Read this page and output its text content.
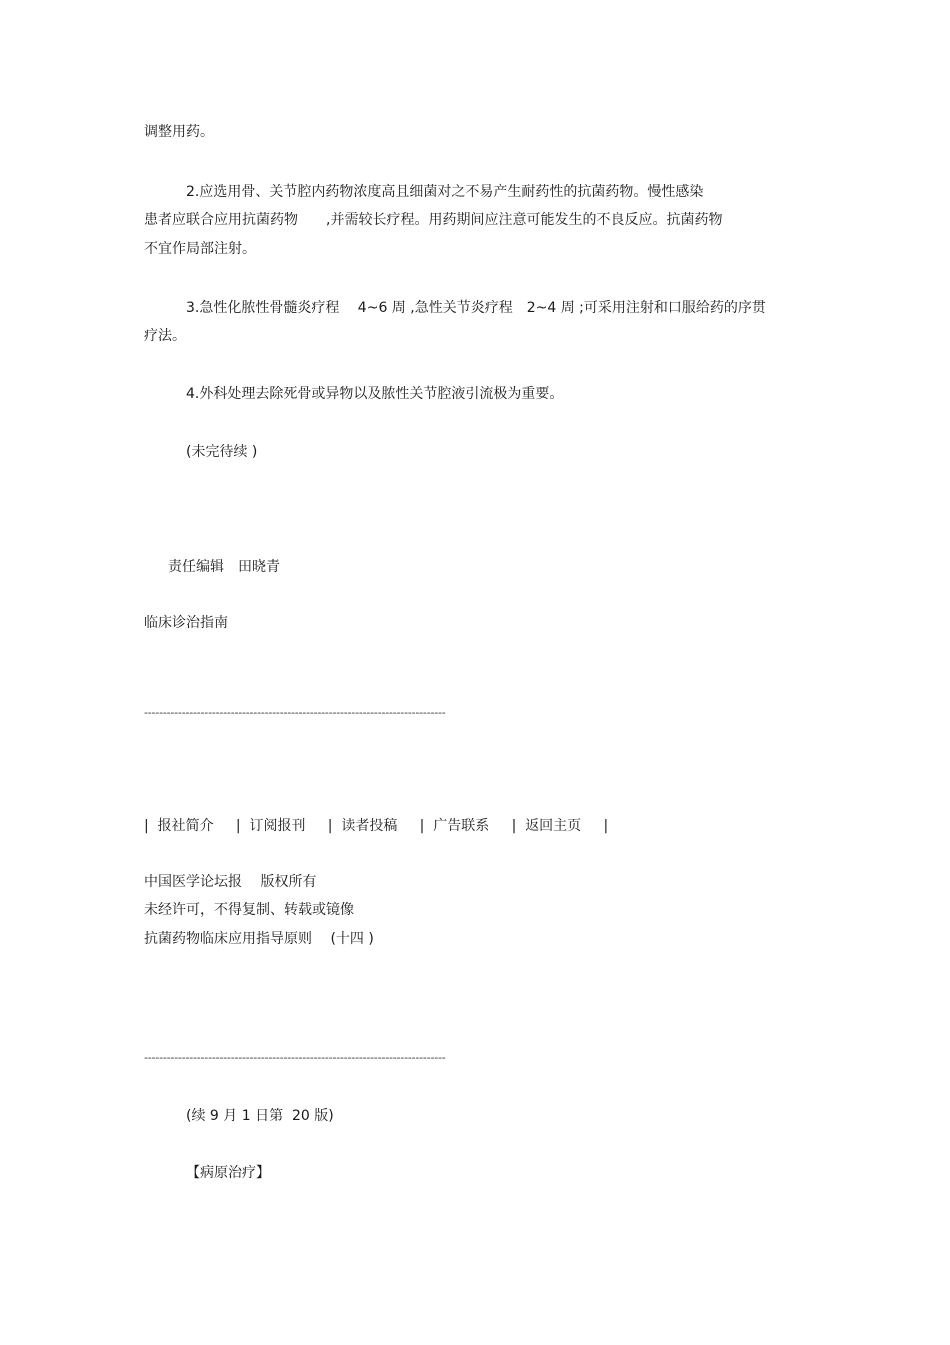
调整用药。
2.应选用骨、关节腔内药物浓度高且细菌对之不易产生耐药性的抗菌药物。慢性感染
患者应联合应用抗菌药物　　,并需较长疗程。用药期间应注意可能发生的不良反应。抗菌药物
不宜作局部注射。
3.急性化脓性骨髓炎疗程　 4~6 周 ,急性关节炎疗程　2~4 周 ;可采用注射和口服给药的序贯
疗法。
4.外科处理去除死骨或异物以及脓性关节腔液引流极为重要。
(未完待续 )
责任编辑　田晓青
临床诊治指南
--------------------------------------------------------------------------------
|
报社简介
|
订阅报刊
|
读者投稿
|
广告联系
|
返回主页
|
中国医学论坛报　 版权所有
未经许可，不得复制、转载或镜像
抗菌药物临床应用指导原则　 (十四 )
--------------------------------------------------------------------------------
(续 9 月 1 日第  20 版)
【病原治疗】
